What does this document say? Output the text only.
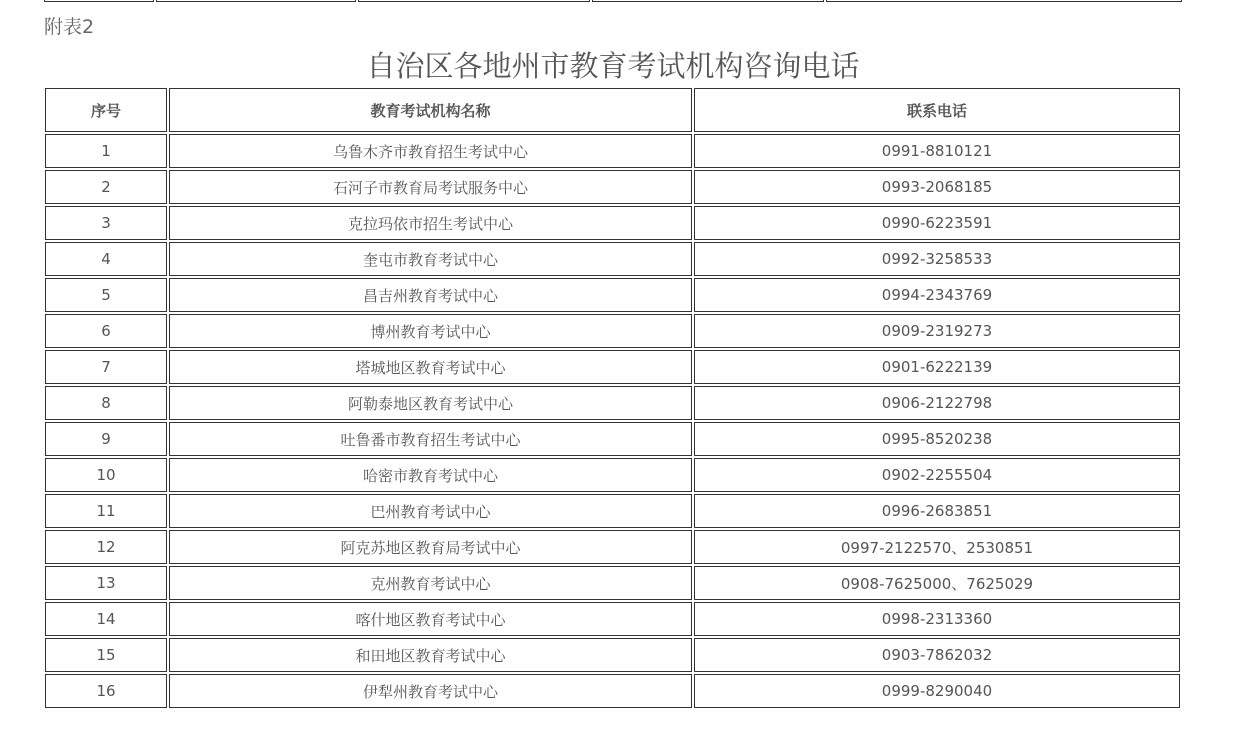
附表2
自治区各地州市教育考试机构咨询电话
序号	教育考试机构名称	联系电话
1	乌鲁木齐市教育招生考试中心	0991-8810121
2	石河子市教育局考试服务中心	0993-2068185
3	克拉玛依市招生考试中心	0990-6223591
4	奎屯市教育考试中心	0992-3258533
5	昌吉州教育考试中心	0994-2343769
6	博州教育考试中心	0909-2319273
7	塔城地区教育考试中心	0901-6222139
8	阿勒泰地区教育考试中心	0906-2122798
9	吐鲁番市教育招生考试中心	0995-8520238
10	哈密市教育考试中心	0902-2255504
11	巴州教育考试中心	0996-2683851
12	阿克苏地区教育局考试中心	0997-2122570、2530851
13	克州教育考试中心	0908-7625000、7625029
14	喀什地区教育考试中心	0998-2313360
15	和田地区教育考试中心	0903-7862032
16	伊犁州教育考试中心	0999-8290040
